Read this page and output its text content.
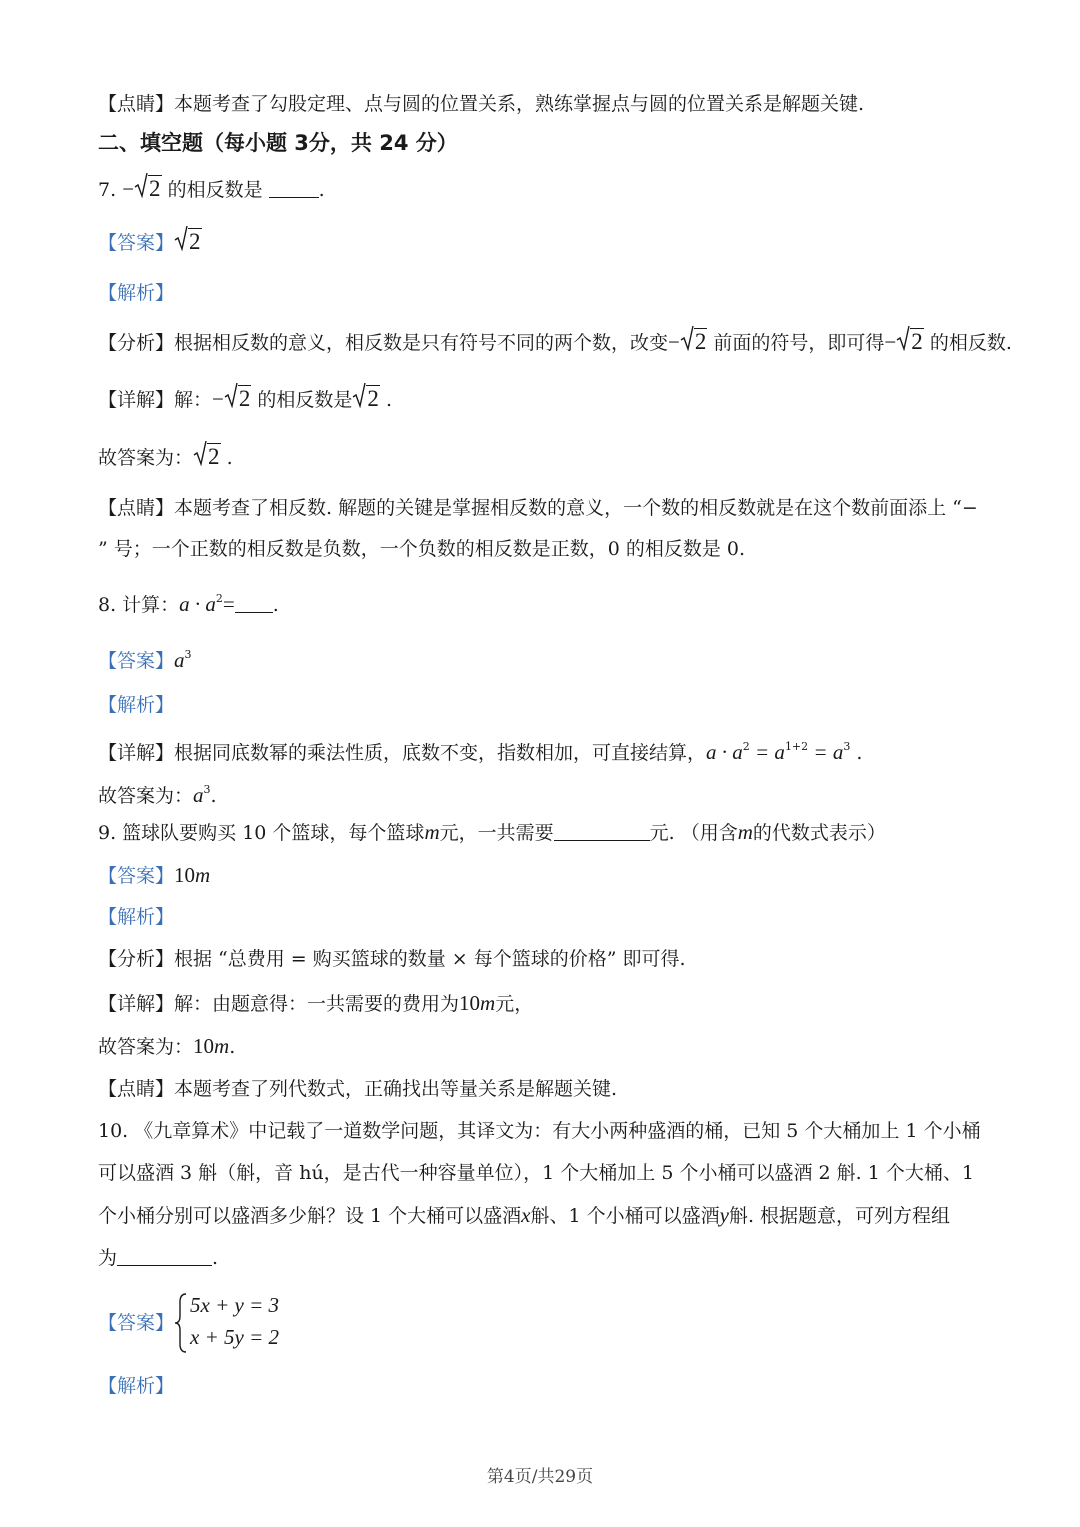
【点睛】本题考查了勾股定理、点与圆的位置关系，熟练掌握点与圆的位置关系是解题关键.
二、填空题（每小题 3分，共 24 分）
7. − 2 的相反数是	.
【答案】 2
【解析】
【分析】根据相反数的意义，相反数是只有符号不同的两个数，改变− 2 前面的符号，即可得− 2 的相反数.
【详解】解：− 2 的相反数是 2 .
故答案为： 2 .
【点睛】本题考查了相反数. 解题的关键是掌握相反数的意义，一个数的相反数就是在这个数前面添上 “−
” 号；一个正数的相反数是负数，一个负数的相反数是正数，0 的相反数是 0.
8. 计算：$a \cdot a^2=$ .
【答案】$a^3$
【解析】
【详解】根据同底数幂的乘法性质，底数不变，指数相加，可直接结算，$a \cdot a^2 = a^{1+2} = a^3$ .
故答案为：$a^3$.
9. 篮球队要购买 10 个篮球，每个篮球m元，一共需要	元. （用含m的代数式表示）
【答案】10m
【解析】
【分析】根据 “总费用 = 购买篮球的数量 × 每个篮球的价格” 即可得.
【详解】解：由题意得：一共需要的费用为10m元，
故答案为：10m.
【点睛】本题考查了列代数式，正确找出等量关系是解题关键.
10. 《九章算术》中记载了一道数学问题，其译文为：有大小两种盛酒的桶，已知 5 个大桶加上 1 个小桶
可以盛酒 3 斛（斛，音 hú，是古代一种容量单位），1 个大桶加上 5 个小桶可以盛酒 2 斛. 1 个大桶、1
个小桶分别可以盛酒多少斛？设 1 个大桶可以盛酒x斛、1 个小桶可以盛酒y斛. 根据题意，可列方程组
为	.
【答案】
5x + y = 3
x + 5y = 2
【解析】
第4页/共29页
